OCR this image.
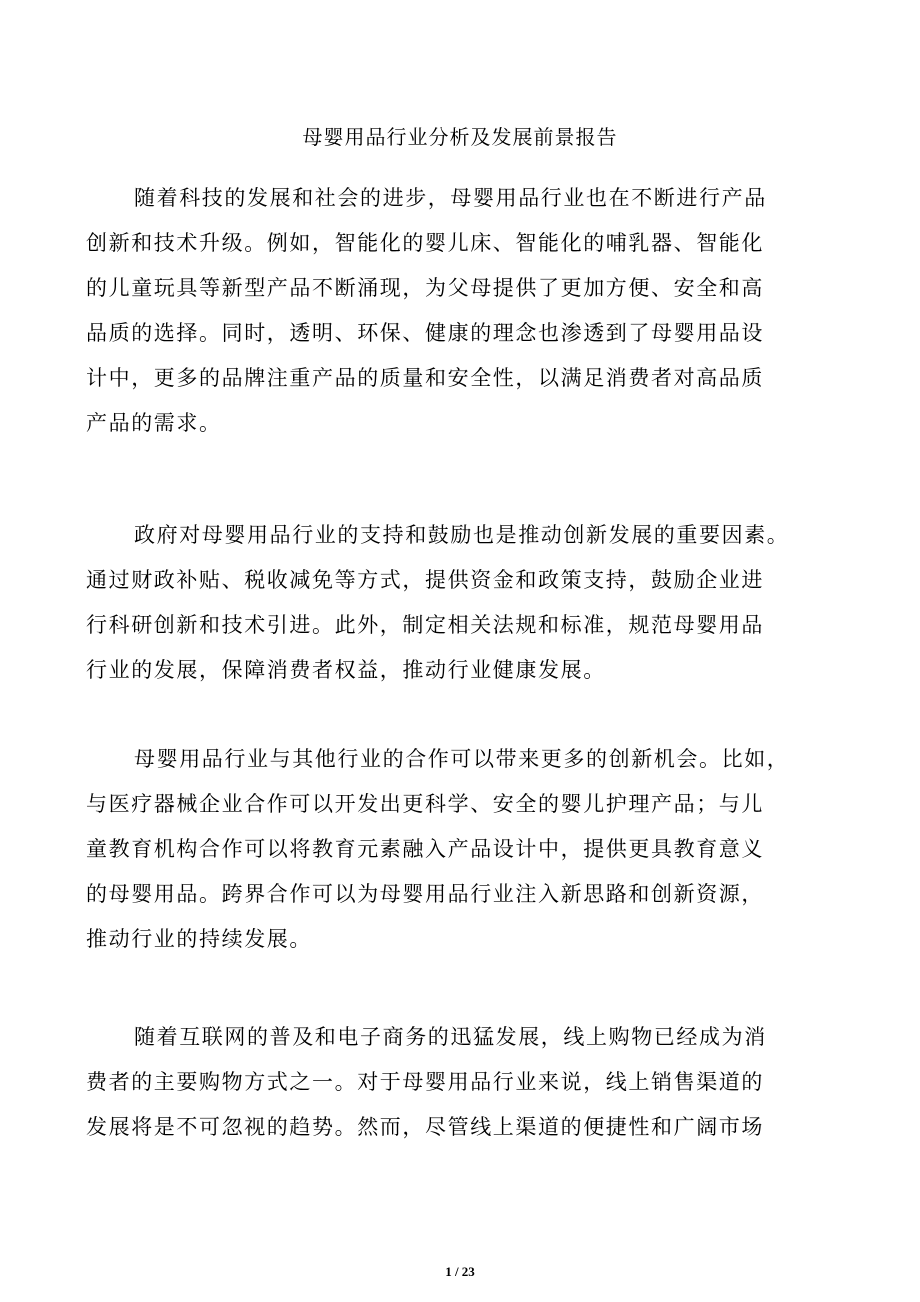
母婴用品行业分析及发展前景报告
随着科技的发展和社会的进步，母婴用品行业也在不断进行产品
创新和技术升级。例如，智能化的婴儿床、智能化的哺乳器、智能化
的儿童玩具等新型产品不断涌现，为父母提供了更加方便、安全和高
品质的选择。同时，透明、环保、健康的理念也渗透到了母婴用品设
计中，更多的品牌注重产品的质量和安全性，以满足消费者对高品质
产品的需求。
政府对母婴用品行业的支持和鼓励也是推动创新发展的重要因素。
通过财政补贴、税收减免等方式，提供资金和政策支持，鼓励企业进
行科研创新和技术引进。此外，制定相关法规和标准，规范母婴用品
行业的发展，保障消费者权益，推动行业健康发展。
母婴用品行业与其他行业的合作可以带来更多的创新机会。比如，
与医疗器械企业合作可以开发出更科学、安全的婴儿护理产品；与儿
童教育机构合作可以将教育元素融入产品设计中，提供更具教育意义
的母婴用品。跨界合作可以为母婴用品行业注入新思路和创新资源，
推动行业的持续发展。
随着互联网的普及和电子商务的迅猛发展，线上购物已经成为消
费者的主要购物方式之一。对于母婴用品行业来说，线上销售渠道的
发展将是不可忽视的趋势。然而，尽管线上渠道的便捷性和广阔市场
1 / 23
